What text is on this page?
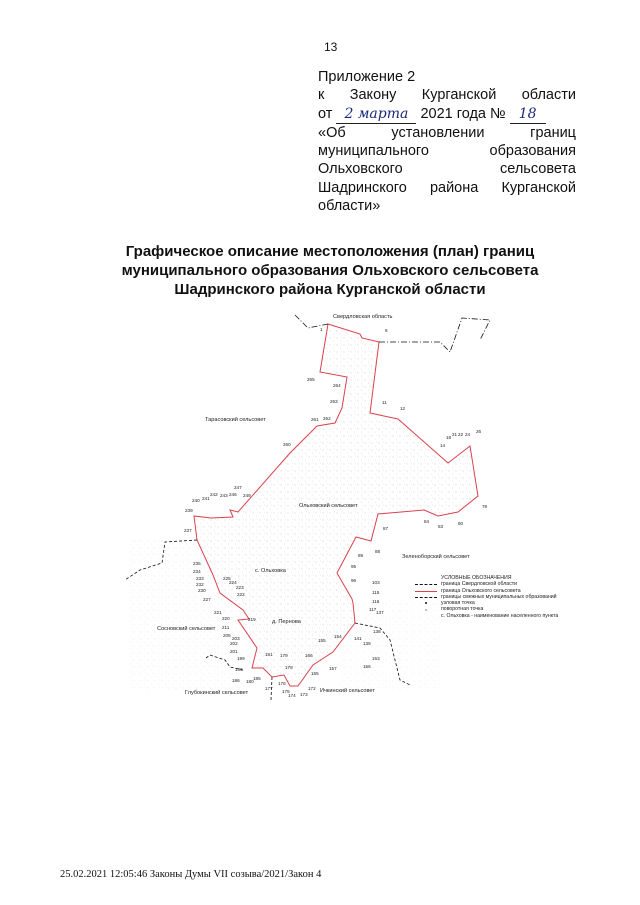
13
Приложение 2
к Закону Курганской области
от 2 марта 2021 года № 18
«Об	установлении	границ
муниципального	образования
Ольховского	сельсовета
Шадринского района Курганской
области»
Графическое описание местоположения (план) границ
муниципального образования Ольховского сельсовета
Шадринского района Курганской области
1	8
11
12
14
18
21 22 24
26
78
80
83
84
87
88
89
95
96	103
115
116
117
137
138
139
141
153
154
155
156
157
165
166
172
173
174
175
176
177
178
179
180
181
185
186
196
199
201
202
203
205
211
219
220
221
222
223
224
225
227
230
232
233
234
235
237
239
240 241
242 243 246
247
249
260
261 262
263
264
265
Свердловская область
Тарасовский сельсовет
Ольховский сельсовет
Зеленоборский сельсовет
Сосновский сельсовет
Глубокинский сельсовет	Ичкинский сельсовет
с. Ольховка
д. Пернова
УСЛОВНЫЕ ОБОЗНАЧЕНИЯ
граница Свердловской области
граница Ольховского сельсовета
границы смежных муниципальных образований
узловая точка
поворотная точка
с. Ольховка - наименование населенного пункта
25.02.2021 12:05:46 Законы Думы VII созыва/2021/Закон 4
